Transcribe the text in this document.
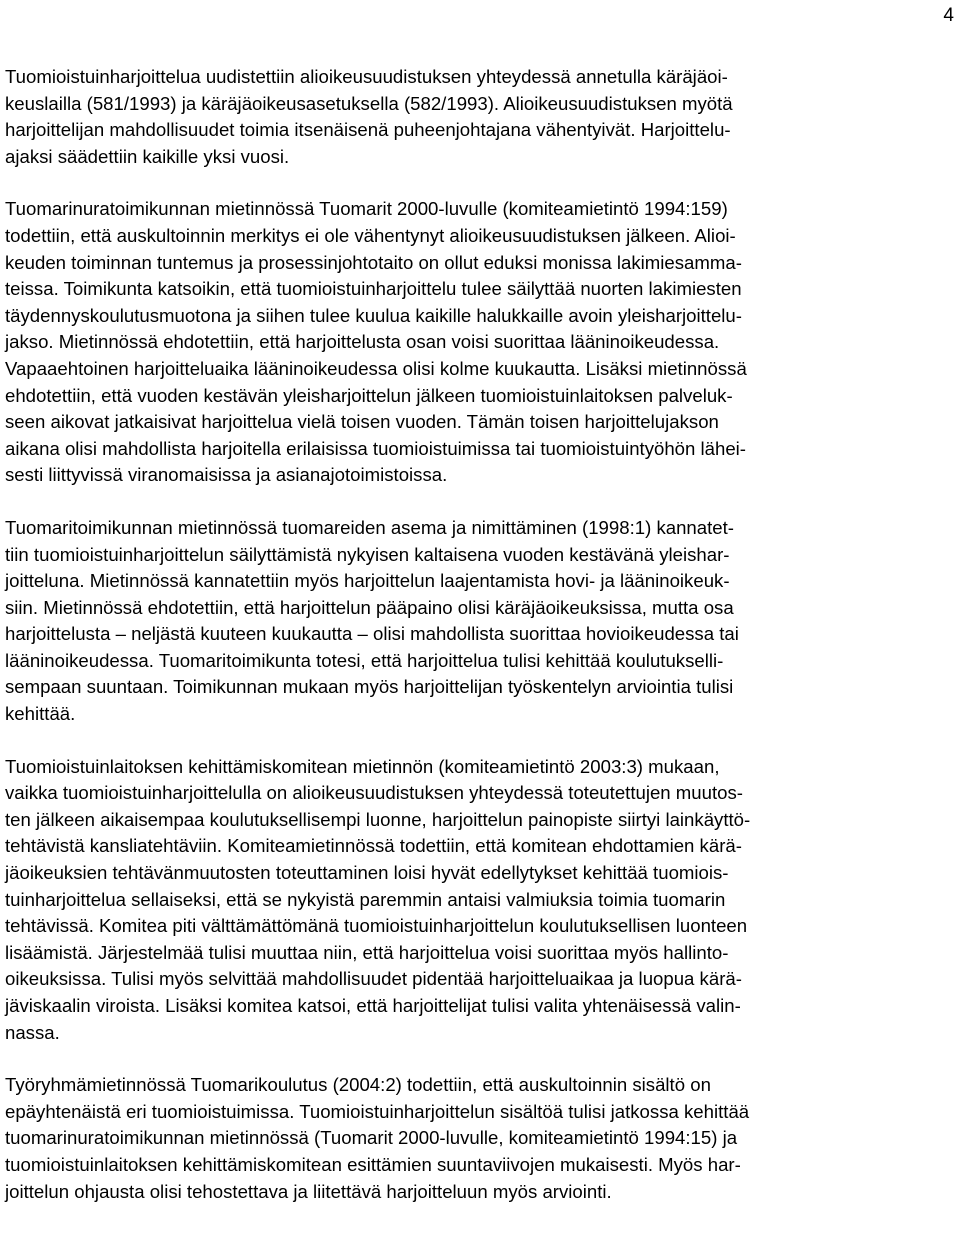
4

Tuomioistuinharjoittelua uudistettiin alioikeusuudistuksen yhteydessä annetulla käräjäoi-
keuslailla (581/1993) ja käräjäoikeusasetuksella (582/1993). Alioikeusuudistuksen myötä
harjoittelijan mahdollisuudet toimia itsenäisenä puheenjohtajana vähentyivät. Harjoittelu-
ajaksi säädettiin kaikille yksi vuosi.

Tuomarinuratoimikunnan mietinnössä Tuomarit 2000-luvulle (komiteamietintö 1994:159)
todettiin, että auskultoinnin merkitys ei ole vähentynyt alioikeusuudistuksen jälkeen. Alioi-
keuden toiminnan tuntemus ja prosessinjohtotaito on ollut eduksi monissa lakimiesamma-
teissa. Toimikunta katsoikin, että tuomioistuinharjoittelu tulee säilyttää nuorten lakimiesten
täydennyskoulutusmuotona ja siihen tulee kuulua kaikille halukkaille avoin yleisharjoittelu-
jakso. Mietinnössä ehdotettiin, että harjoittelusta osan voisi suorittaa lääninoikeudessa.
Vapaaehtoinen harjoitteluaika lääninoikeudessa olisi kolme kuukautta. Lisäksi mietinnössä
ehdotettiin, että vuoden kestävän yleisharjoittelun jälkeen tuomioistuinlaitoksen palveluk-
seen aikovat jatkaisivat harjoittelua vielä toisen vuoden. Tämän toisen harjoittelujakson
aikana olisi mahdollista harjoitella erilaisissa tuomioistuimissa tai tuomioistuintyöhön lähei-
sesti liittyvissä viranomaisissa ja asianajotoimistoissa.

Tuomaritoimikunnan mietinnössä tuomareiden asema ja nimittäminen (1998:1) kannatet-
tiin tuomioistuinharjoittelun säilyttämistä nykyisen kaltaisena vuoden kestävänä yleishar-
joitteluna. Mietinnössä kannatettiin myös harjoittelun laajentamista hovi- ja lääninoikeuk-
siin. Mietinnössä ehdotettiin, että harjoittelun pääpaino olisi käräjäoikeuksissa, mutta osa
harjoittelusta – neljästä kuuteen kuukautta – olisi mahdollista suorittaa hovioikeudessa tai
lääninoikeudessa. Tuomaritoimikunta totesi, että harjoittelua tulisi kehittää koulutukselli-
sempaan suuntaan. Toimikunnan mukaan myös harjoittelijan työskentelyn arviointia tulisi
kehittää.

Tuomioistuinlaitoksen kehittämiskomitean mietinnön (komiteamietintö 2003:3) mukaan,
vaikka tuomioistuinharjoittelulla on alioikeusuudistuksen yhteydessä toteutettujen muutos-
ten jälkeen aikaisempaa koulutuksellisempi luonne, harjoittelun painopiste siirtyi lainkäyttö-
tehtävistä kansliatehtäviin. Komiteamietinnössä todettiin, että komitean ehdottamien kärä-
jäoikeuksien tehtävänmuutosten toteuttaminen loisi hyvät edellytykset kehittää tuomiois-
tuinharjoittelua sellaiseksi, että se nykyistä paremmin antaisi valmiuksia toimia tuomarin
tehtävissä. Komitea piti välttämättömänä tuomioistuinharjoittelun koulutuksellisen luonteen
lisäämistä. Järjestelmää tulisi muuttaa niin, että harjoittelua voisi suorittaa myös hallinto-
oikeuksissa. Tulisi myös selvittää mahdollisuudet pidentää harjoitteluaikaa ja luopua kärä-
jäviskaalin viroista. Lisäksi komitea katsoi, että harjoittelijat tulisi valita yhtenäisessä valin-
nassa.

Työryhmämietinnössä Tuomarikoulutus (2004:2) todettiin, että auskultoinnin sisältö on
epäyhtenäistä eri tuomioistuimissa. Tuomioistuinharjoittelun sisältöä tulisi jatkossa kehittää
tuomarinuratoimikunnan mietinnössä (Tuomarit 2000-luvulle, komiteamietintö 1994:15) ja
tuomioistuinlaitoksen kehittämiskomitean esittämien suuntaviivojen mukaisesti. Myös har-
joittelun ohjausta olisi tehostettava ja liitettävä harjoitteluun myös arviointi.
